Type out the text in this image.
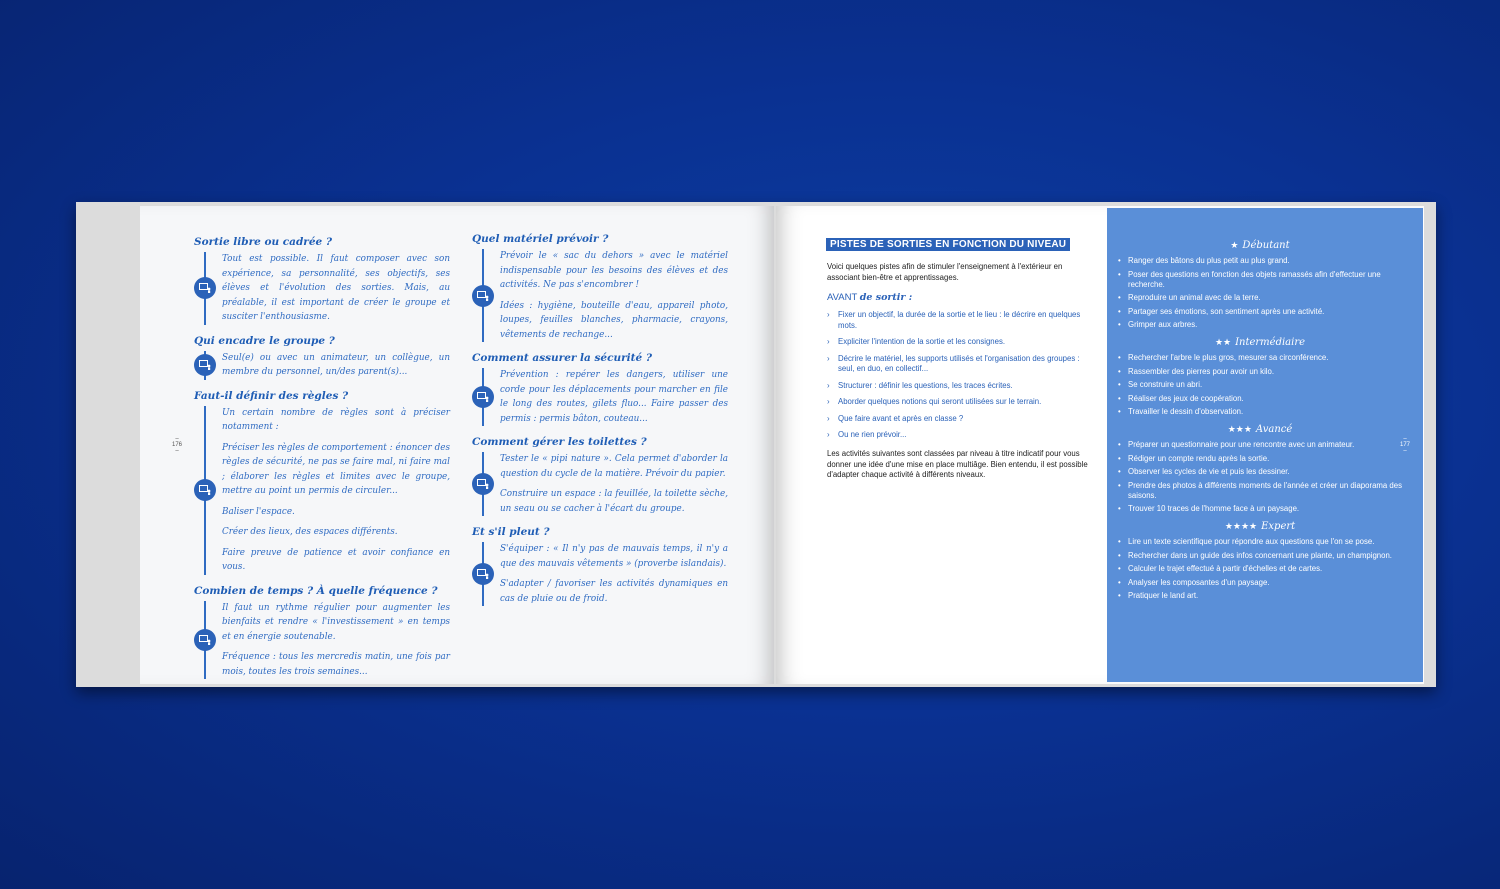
Sortie libre ou cadrée ?

Tout est possible. Il faut composer avec son expérience, sa personnalité, ses objectifs, ses élèves et l'évolution des sorties. Mais, au préalable, il est important de créer le groupe et susciter l'enthousiasme.

Qui encadre le groupe ?

Seul(e) ou avec un animateur, un collègue, un membre du personnel, un/des parent(s)...

Faut-il définir des règles ?

Un certain nombre de règles sont à préciser notamment :

Préciser les règles de comportement : énoncer des règles de sécurité, ne pas se faire mal, ni faire mal ; élaborer les règles et limites avec le groupe, mettre au point un permis de circuler...

Baliser l'espace.

Créer des lieux, des espaces différents.

Faire preuve de patience et avoir confiance en vous.

Combien de temps ? À quelle fréquence ?

Il faut un rythme régulier pour augmenter les bienfaits et rendre « l'investissement » en temps et en énergie soutenable.

Fréquence : tous les mercredis matin, une fois par mois, toutes les trois semaines...

Quel matériel prévoir ?

Prévoir le « sac du dehors » avec le matériel indispensable pour les besoins des élèves et des activités. Ne pas s'encombrer !

Idées : hygiène, bouteille d'eau, appareil photo, loupes, feuilles blanches, pharmacie, crayons, vêtements de rechange...

Comment assurer la sécurité ?

Prévention : repérer les dangers, utiliser une corde pour les déplacements pour marcher en file le long des routes, gilets fluo... Faire passer des permis : permis bâton, couteau...

Comment gérer les toilettes ?

Tester le « pipi nature ». Cela permet d'aborder la question du cycle de la matière. Prévoir du papier.

Construire un espace : la feuillée, la toilette sèche, un seau ou se cacher à l'écart du groupe.

Et s'il pleut ?

S'équiper : « Il n'y pas de mauvais temps, il n'y a que des mauvais vêtements » (proverbe islandais).

S'adapter / favoriser les activités dynamiques en cas de pluie ou de froid.

–
176
–
–
177
–
PISTES DE SORTIES EN FONCTION DU NIVEAU
Voici quelques pistes afin de stimuler l'enseignement à l'extérieur en associant bien-être et apprentissages.
AVANT de sortir :
› Fixer un objectif, la durée de la sortie et le lieu : le décrire en quelques mots.
› Expliciter l'intention de la sortie et les consignes.
› Décrire le matériel, les supports utilisés et l'organisation des groupes : seul, en duo, en collectif...
› Structurer : définir les questions, les traces écrites.
› Aborder quelques notions qui seront utilisées sur le terrain.
› Que faire avant et après en classe ?
› Ou ne rien prévoir...
Les activités suivantes sont classées par niveau à titre indicatif pour vous donner une idée d'une mise en place multiâge. Bien entendu, il est possible d'adapter chaque activité à différents niveaux.
★ Débutant
• Ranger des bâtons du plus petit au plus grand.
• Poser des questions en fonction des objets ramassés afin d'effectuer une recherche.
• Reproduire un animal avec de la terre.
• Partager ses émotions, son sentiment après une activité.
• Grimper aux arbres.
★★ Intermédiaire
• Rechercher l'arbre le plus gros, mesurer sa circonférence.
• Rassembler des pierres pour avoir un kilo.
• Se construire un abri.
• Réaliser des jeux de coopération.
• Travailler le dessin d'observation.
★★★ Avancé
• Préparer un questionnaire pour une rencontre avec un animateur.
• Rédiger un compte rendu après la sortie.
• Observer les cycles de vie et puis les dessiner.
• Prendre des photos à différents moments de l'année et créer un diaporama des saisons.
• Trouver 10 traces de l'homme face à un paysage.
★★★★ Expert
• Lire un texte scientifique pour répondre aux questions que l'on se pose.
• Rechercher dans un guide des infos concernant une plante, un champignon.
• Calculer le trajet effectué à partir d'échelles et de cartes.
• Analyser les composantes d'un paysage.
• Pratiquer le land art.
